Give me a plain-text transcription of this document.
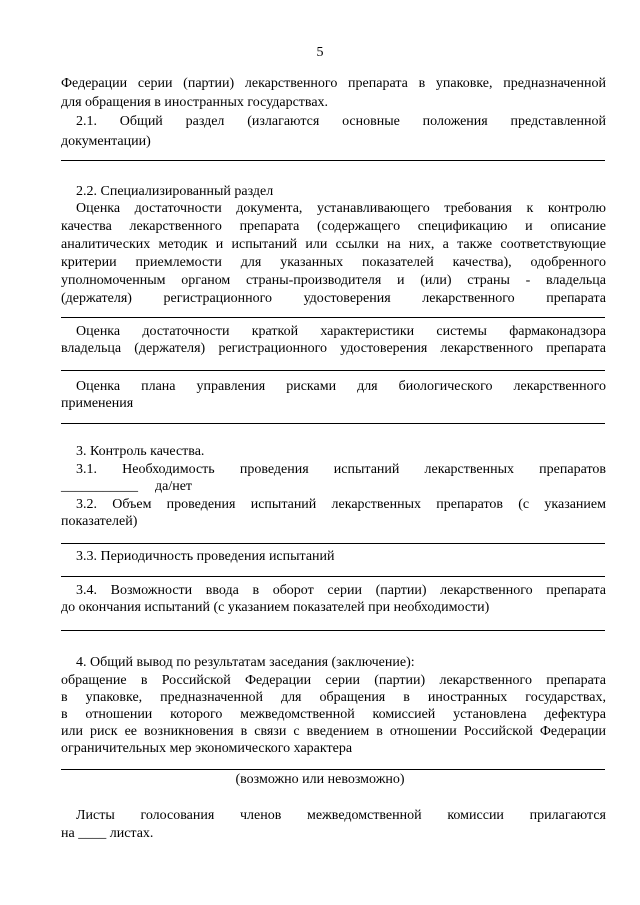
5
Федерации серии (партии) лекарственного препарата в упаковке, предназначенной
для обращения в иностранных государствах.
2.1. Общий раздел (излагаются основные положения представленной
документации)
2.2. Специализированный раздел
Оценка достаточности документа, устанавливающего требования к контролю
качества лекарственного препарата (содержащего спецификацию и описание
аналитических методик и испытаний или ссылки на них, а также соответствующие
критерии приемлемости для указанных показателей качества), одобренного
уполномоченным органом страны-производителя и (или) страны - владельца
(держателя) регистрационного удостоверения лекарственного препарата
Оценка достаточности краткой характеристики системы фармаконадзора
владельца (держателя) регистрационного удостоверения лекарственного препарата
Оценка плана управления рисками для биологического лекарственного
применения
3. Контроль качества.
3.1. Необходимость проведения испытаний лекарственных препаратов
___________ да/нет
3.2. Объем проведения испытаний лекарственных препаратов (с указанием
показателей)
3.3. Периодичность проведения испытаний
3.4. Возможности ввода в оборот серии (партии) лекарственного препарата
до окончания испытаний (с указанием показателей при необходимости)
4. Общий вывод по результатам заседания (заключение):
обращение в Российской Федерации серии (партии) лекарственного препарата
в упаковке, предназначенной для обращения в иностранных государствах,
в отношении которого межведомственной комиссией установлена дефектура
или риск ее возникновения в связи с введением в отношении Российской Федерации
ограничительных мер экономического характера
(возможно или невозможно)
Листы голосования членов межведомственной комиссии прилагаются
на ____ листах.
